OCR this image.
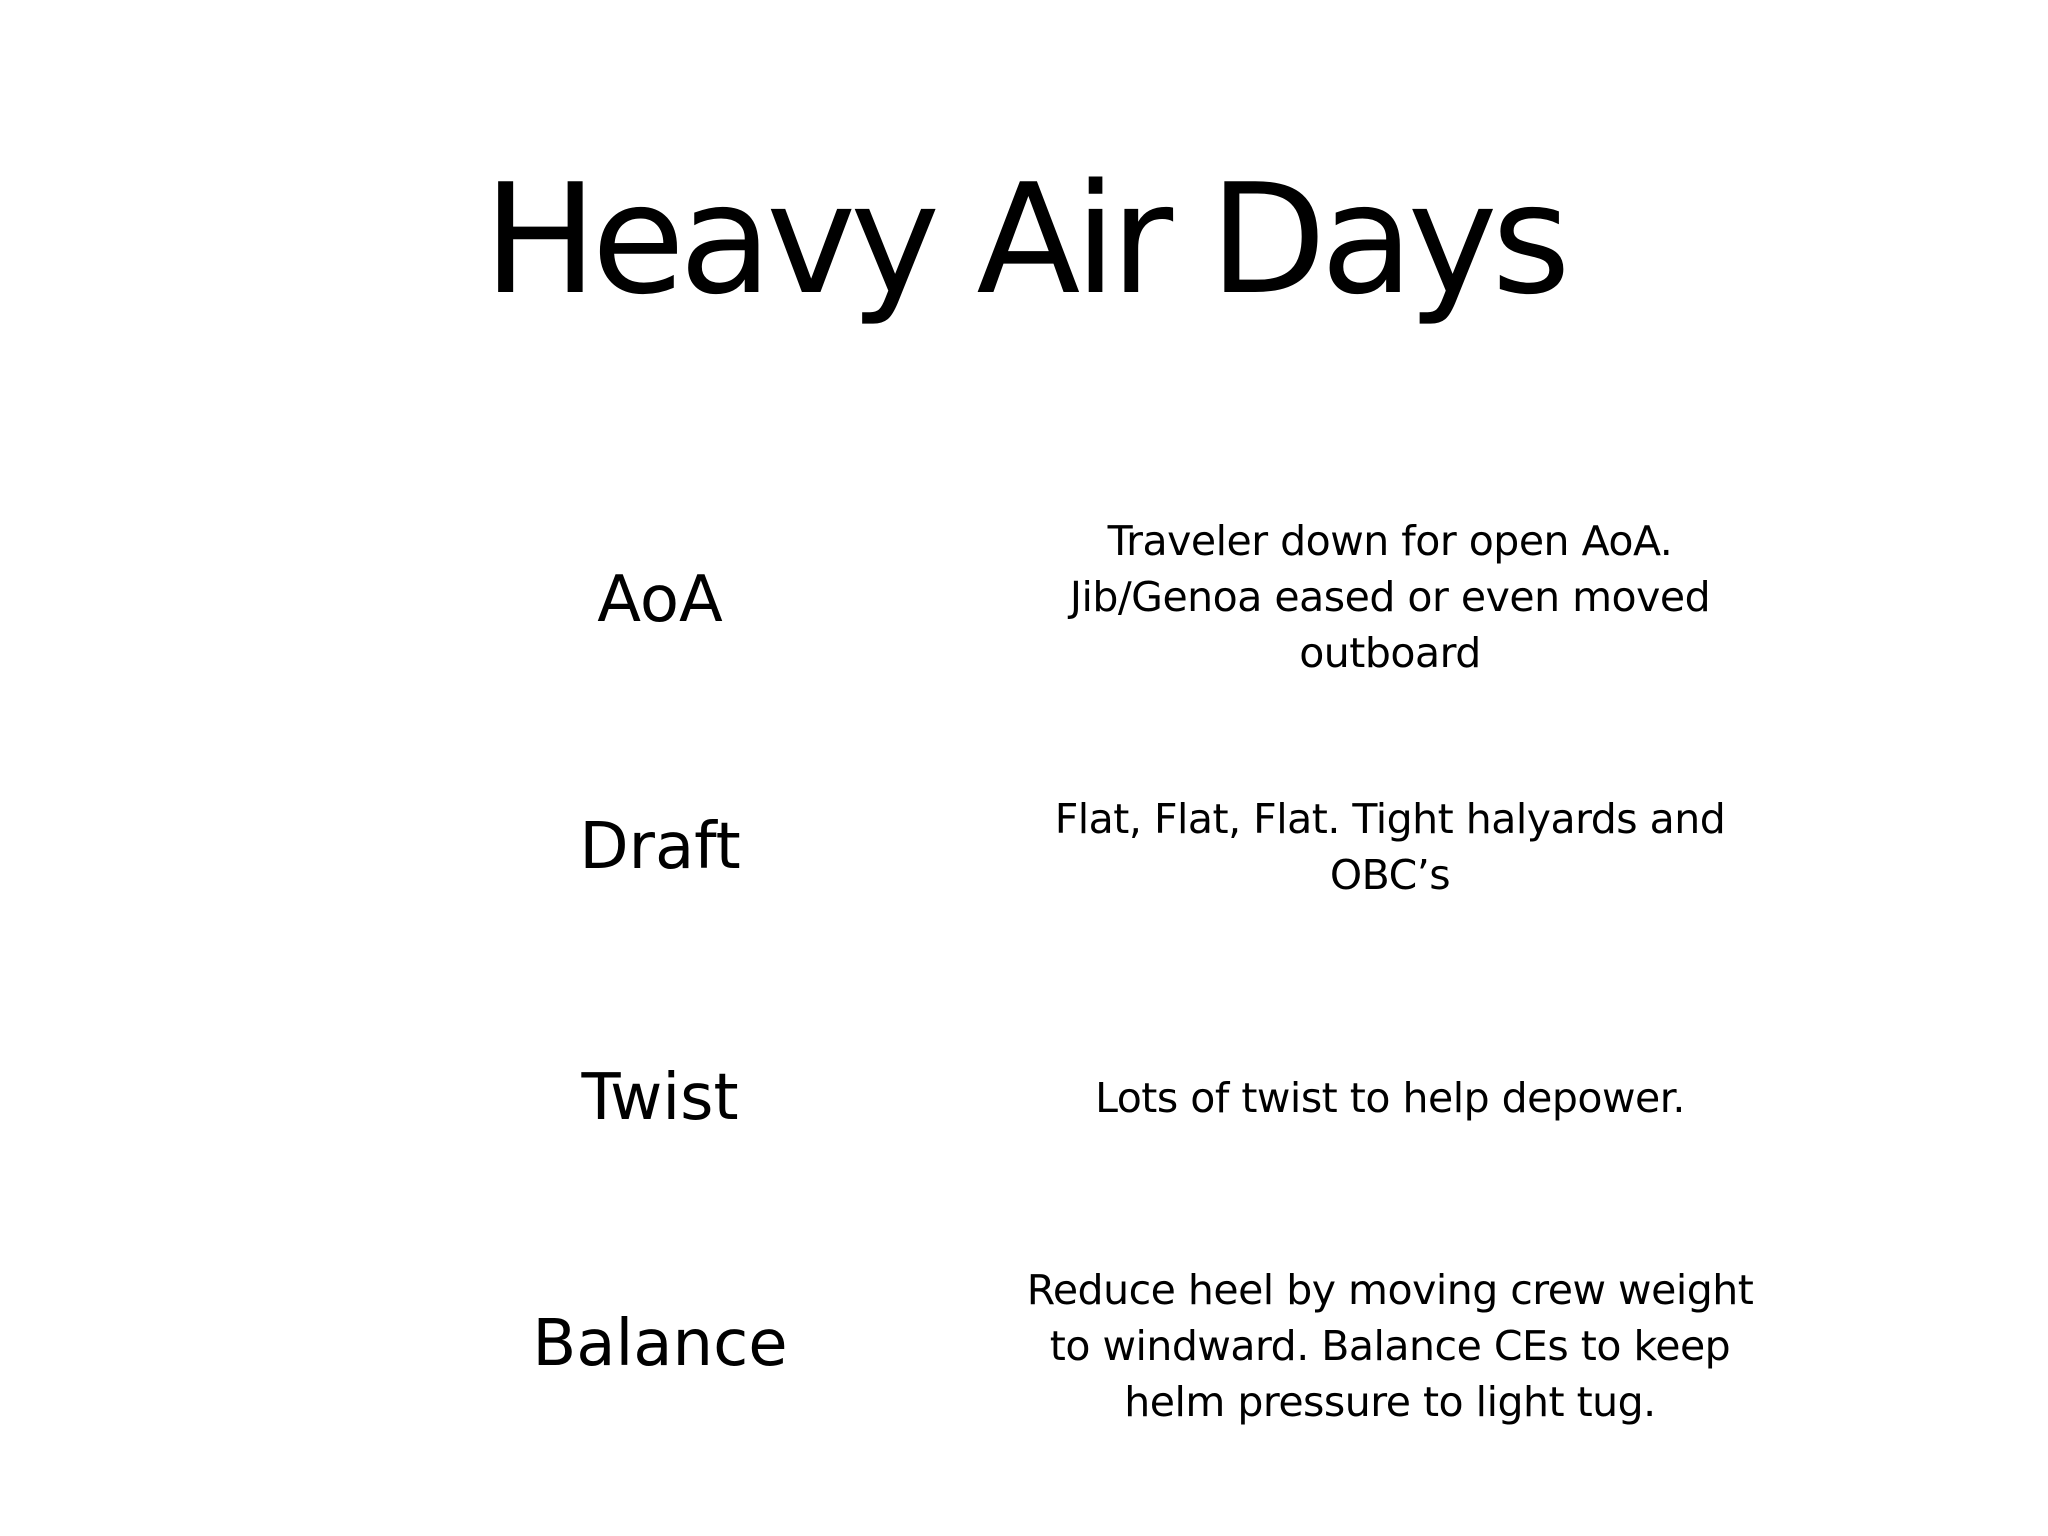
Heavy Air Days
AoA
Traveler down for open AoA.
Jib/Genoa eased or even moved
outboard
Draft	Flat, Flat, Flat. Tight halyards and
OBC’s
Twist	Lots of twist to help depower.
Balance
Reduce heel by moving crew weight
to windward. Balance CEs to keep
helm pressure to light tug.
